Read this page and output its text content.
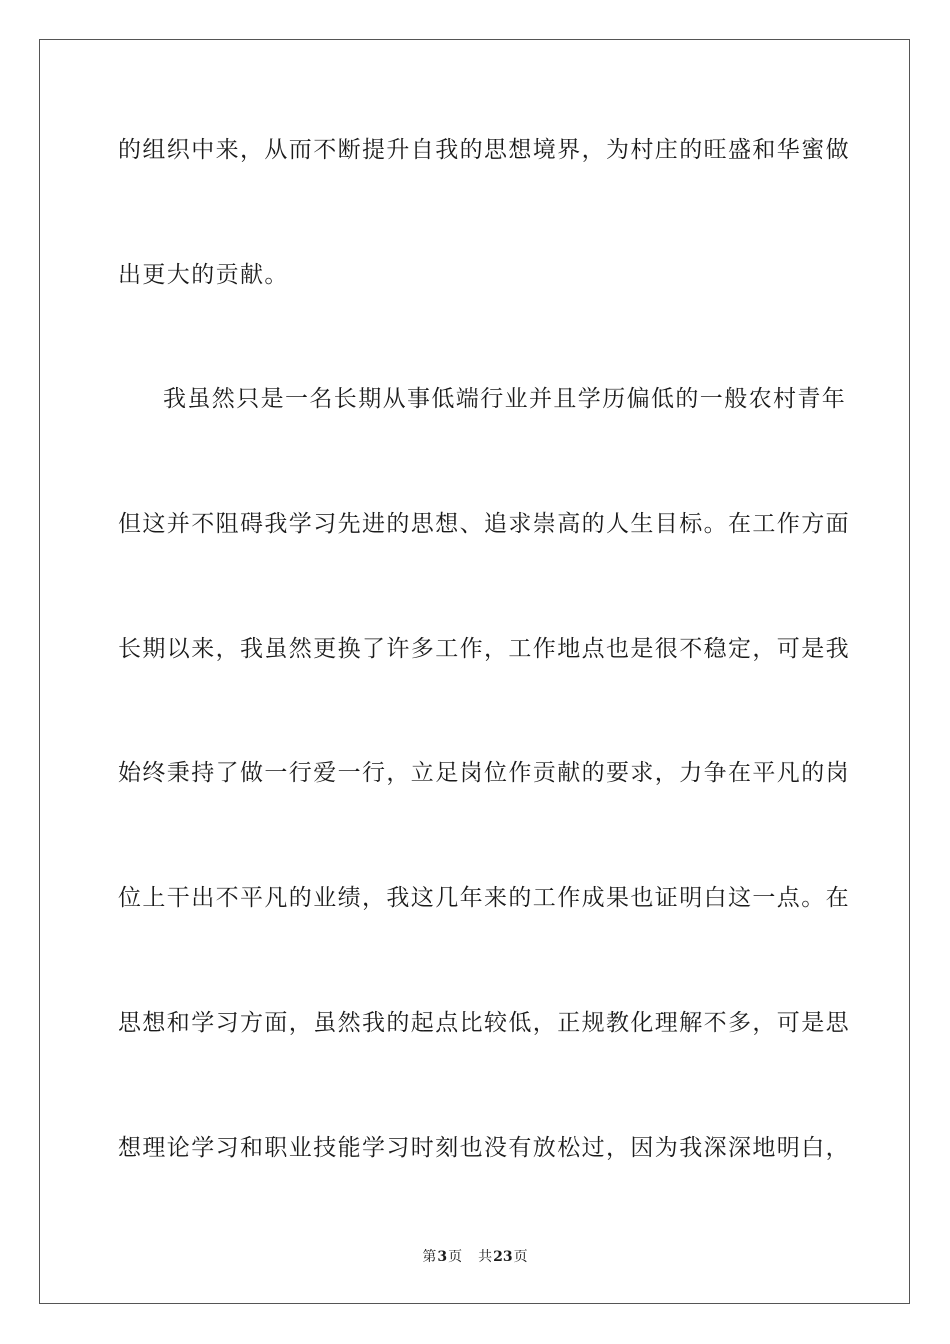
的组织中来，从而不断提升自我的思想境界，为村庄的旺盛和华蜜做

出更大的贡献。

我虽然只是一名长期从事低端行业并且学历偏低的一般农村青年

但这并不阻碍我学习先进的思想、追求崇高的人生目标。在工作方面

长期以来，我虽然更换了许多工作，工作地点也是很不稳定，可是我

始终秉持了做一行爱一行，立足岗位作贡献的要求，力争在平凡的岗

位上干出不平凡的业绩，我这几年来的工作成果也证明白这一点。在

思想和学习方面，虽然我的起点比较低，正规教化理解不多，可是思

想理论学习和职业技能学习时刻也没有放松过，因为我深深地明白，

第3页 共23页
